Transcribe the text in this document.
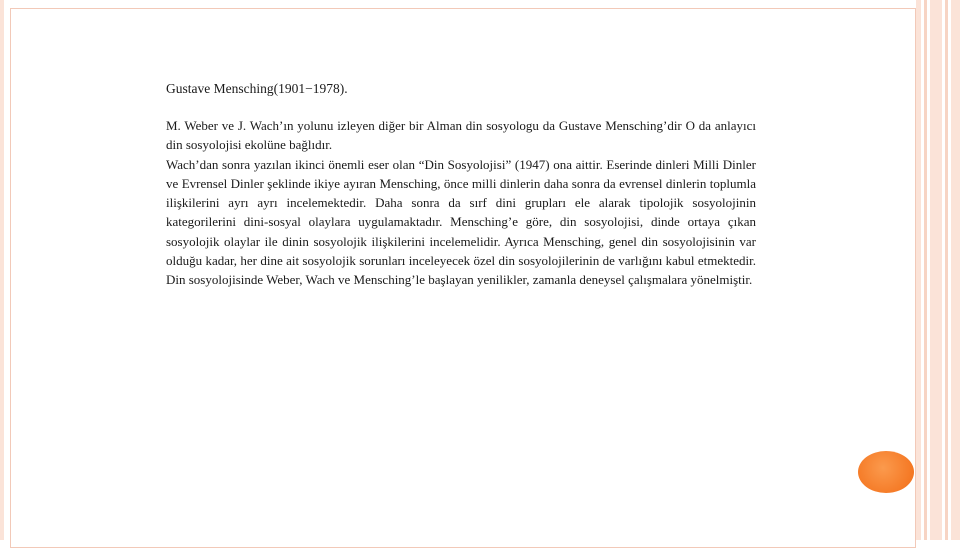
Gustave Mensching(1901−1978).

M. Weber ve J. Wach’ın yolunu izleyen diğer bir Alman din sosyologu da Gustave Mensching’dir O da anlayıcı din sosyolojisi ekolüne bağlıdır.

Wach’dan sonra yazılan ikinci önemli eser olan “Din Sosyolojisi” (1947) ona aittir. Eserinde dinleri Milli Dinler ve Evrensel Dinler şeklinde ikiye ayıran Mensching, önce milli dinlerin daha sonra da evrensel dinlerin toplumla ilişkilerini ayrı ayrı incelemektedir. Daha sonra da sırf dini grupları ele alarak tipolojik sosyolojinin kategorilerini dini-sosyal olaylara uygulamaktadır. Mensching’e göre, din sosyolojisi, dinde ortaya çıkan sosyolojik olaylar ile dinin sosyolojik ilişkilerini incelemelidir. Ayrıca Mensching, genel din sosyolojisinin var olduğu kadar, her dine ait sosyolojik sorunları inceleyecek özel din sosyolojilerinin de varlığını kabul etmektedir. Din sosyolojisinde Weber, Wach ve Mensching’le başlayan yenilikler, zamanla deneysel çalışmalara yönelmiştir.
